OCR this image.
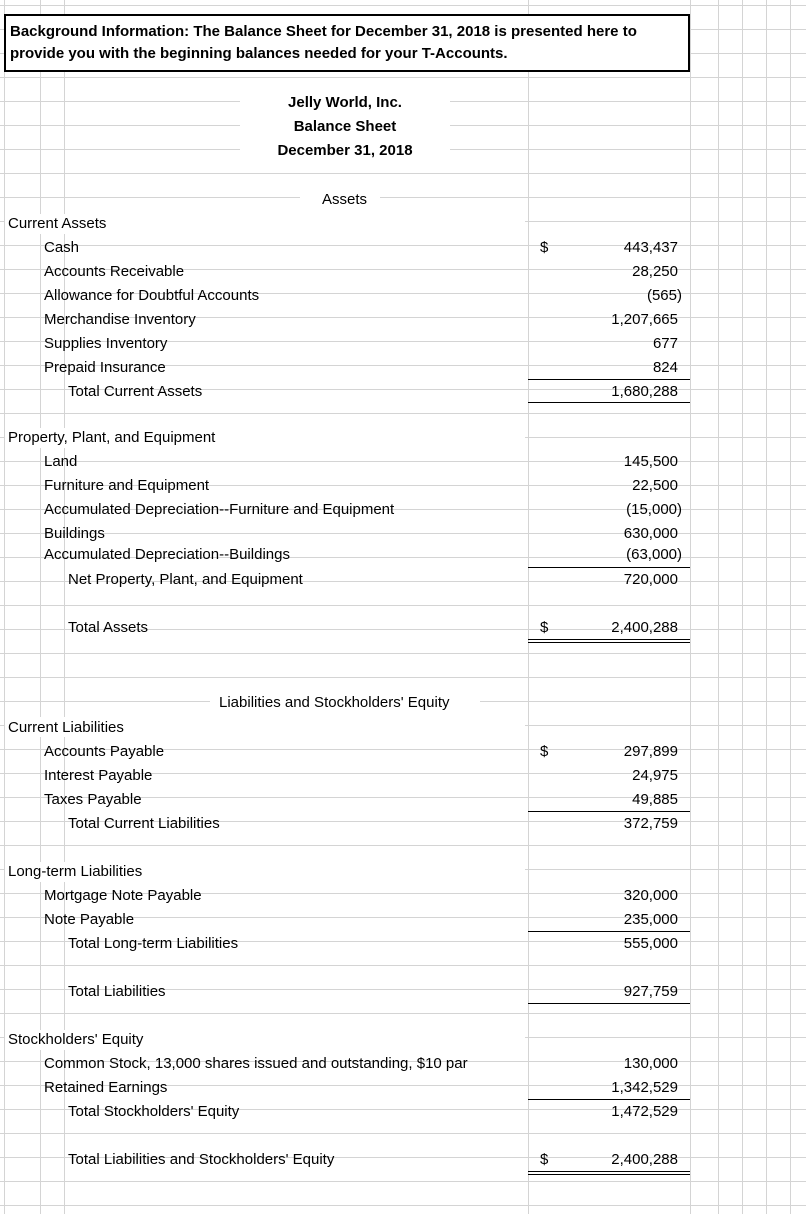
Background Information: The Balance Sheet for December 31, 2018 is presented here to
provide you with the beginning balances needed for your T-Accounts.
Jelly World, Inc.
Balance Sheet
December 31, 2018
Assets
Current Assets
Cash	$	443,437
Accounts Receivable	28,250
Allowance for Doubtful Accounts	(565)
Merchandise Inventory	1,207,665
Supplies Inventory	677
Prepaid Insurance	824
Total Current Assets	1,680,288
Property, Plant, and Equipment
Land	145,500
Furniture and Equipment	22,500
Accumulated Depreciation--Furniture and Equipment	(15,000)
Buildings	630,000
Accumulated Depreciation--Buildings	(63,000)
Net Property, Plant, and Equipment	720,000
Total Assets	$	2,400,288
Liabilities and Stockholders' Equity
Current Liabilities
Accounts Payable	$	297,899
Interest Payable	24,975
Taxes Payable	49,885
Total Current Liabilities	372,759
Long-term Liabilities
Mortgage Note Payable	320,000
Note Payable	235,000
Total Long-term Liabilities	555,000
Total Liabilities	927,759
Stockholders' Equity
Common Stock, 13,000 shares issued and outstanding, $10 par	130,000
Retained Earnings	1,342,529
Total Stockholders' Equity	1,472,529
Total Liabilities and Stockholders' Equity	$	2,400,288
